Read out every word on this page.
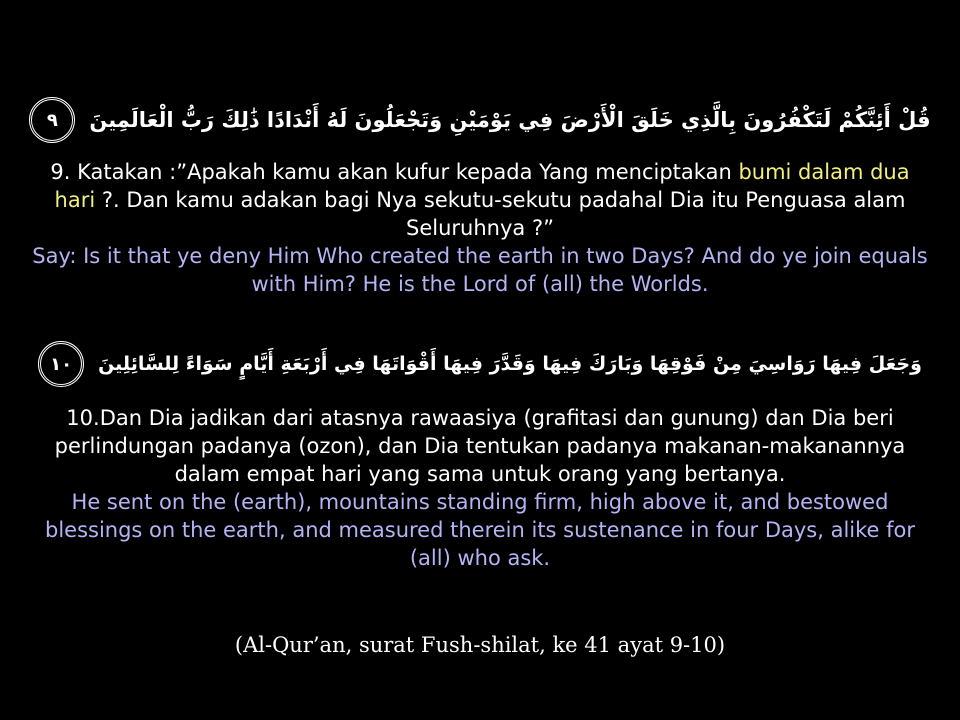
٩	قُلْ أَئِنَّكُمْ لَتَكْفُرُونَ بِالَّذِي خَلَقَ الْأَرْضَ فِي يَوْمَيْنِ وَتَجْعَلُونَ لَهُ أَنْدَادًا ذَٰلِكَ رَبُّ الْعَالَمِينَ
9. Katakan :”Apakah kamu akan kufur kepada Yang menciptakan bumi dalam dua hari ?. Dan kamu adakan bagi Nya sekutu-sekutu padahal Dia itu Penguasa alam Seluruhnya ?”
Say: Is it that ye deny Him Who created the earth in two Days? And do ye join equals with Him? He is the Lord of (all) the Worlds.
١٠	وَجَعَلَ فِيهَا رَوَاسِيَ مِنْ فَوْقِهَا وَبَارَكَ فِيهَا وَقَدَّرَ فِيهَا أَقْوَاتَهَا فِي أَرْبَعَةِ أَيَّامٍ سَوَاءً لِلسَّائِلِينَ
10.Dan Dia jadikan dari atasnya rawaasiya (grafitasi dan gunung) dan Dia beri perlindungan padanya (ozon), dan Dia tentukan padanya makanan-makanannya dalam empat hari yang sama untuk orang yang bertanya.
He sent on the (earth), mountains standing firm, high above it, and bestowed blessings on the earth, and measured therein its sustenance in four Days, alike for (all) who ask.
(Al-Qur’an, surat Fush-shilat, ke 41 ayat 9-10)
